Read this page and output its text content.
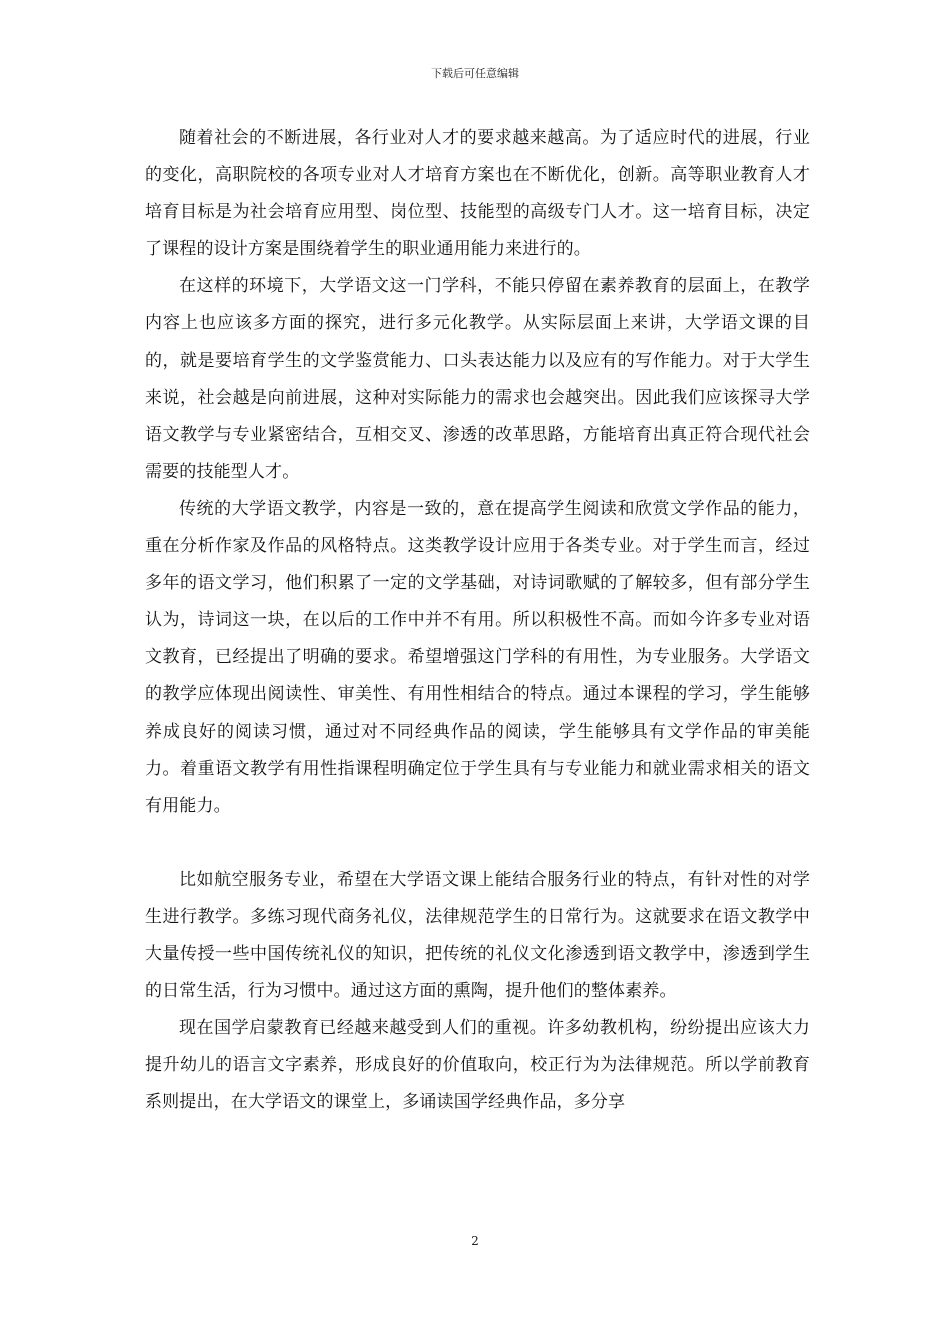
下载后可任意编辑

随着社会的不断进展，各行业对人才的要求越来越高。为了适应时代的进展，行业的变化，高职院校的各项专业对人才培育方案也在不断优化，创新。高等职业教育人才培育目标是为社会培育应用型、岗位型、技能型的高级专门人才。这一培育目标，决定了课程的设计方案是围绕着学生的职业通用能力来进行的。

在这样的环境下，大学语文这一门学科，不能只停留在素养教育的层面上，在教学内容上也应该多方面的探究，进行多元化教学。从实际层面上来讲，大学语文课的目的，就是要培育学生的文学鉴赏能力、口头表达能力以及应有的写作能力。对于大学生来说，社会越是向前进展，这种对实际能力的需求也会越突出。因此我们应该探寻大学语文教学与专业紧密结合，互相交叉、渗透的改革思路，方能培育出真正符合现代社会需要的技能型人才。

传统的大学语文教学，内容是一致的，意在提高学生阅读和欣赏文学作品的能力，重在分析作家及作品的风格特点。这类教学设计应用于各类专业。对于学生而言，经过多年的语文学习，他们积累了一定的文学基础，对诗词歌赋的了解较多，但有部分学生认为，诗词这一块，在以后的工作中并不有用。所以积极性不高。而如今许多专业对语文教育，已经提出了明确的要求。希望增强这门学科的有用性，为专业服务。大学语文的教学应体现出阅读性、审美性、有用性相结合的特点。通过本课程的学习，学生能够养成良好的阅读习惯，通过对不同经典作品的阅读，学生能够具有文学作品的审美能力。着重语文教学有用性指课程明确定位于学生具有与专业能力和就业需求相关的语文有用能力。

比如航空服务专业，希望在大学语文课上能结合服务行业的特点，有针对性的对学生进行教学。多练习现代商务礼仪，法律规范学生的日常行为。这就要求在语文教学中大量传授一些中国传统礼仪的知识，把传统的礼仪文化渗透到语文教学中，渗透到学生的日常生活，行为习惯中。通过这方面的熏陶，提升他们的整体素养。

现在国学启蒙教育已经越来越受到人们的重视。许多幼教机构，纷纷提出应该大力提升幼儿的语言文字素养，形成良好的价值取向，校正行为为法律规范。所以学前教育系则提出，在大学语文的课堂上，多诵读国学经典作品，多分享

2
